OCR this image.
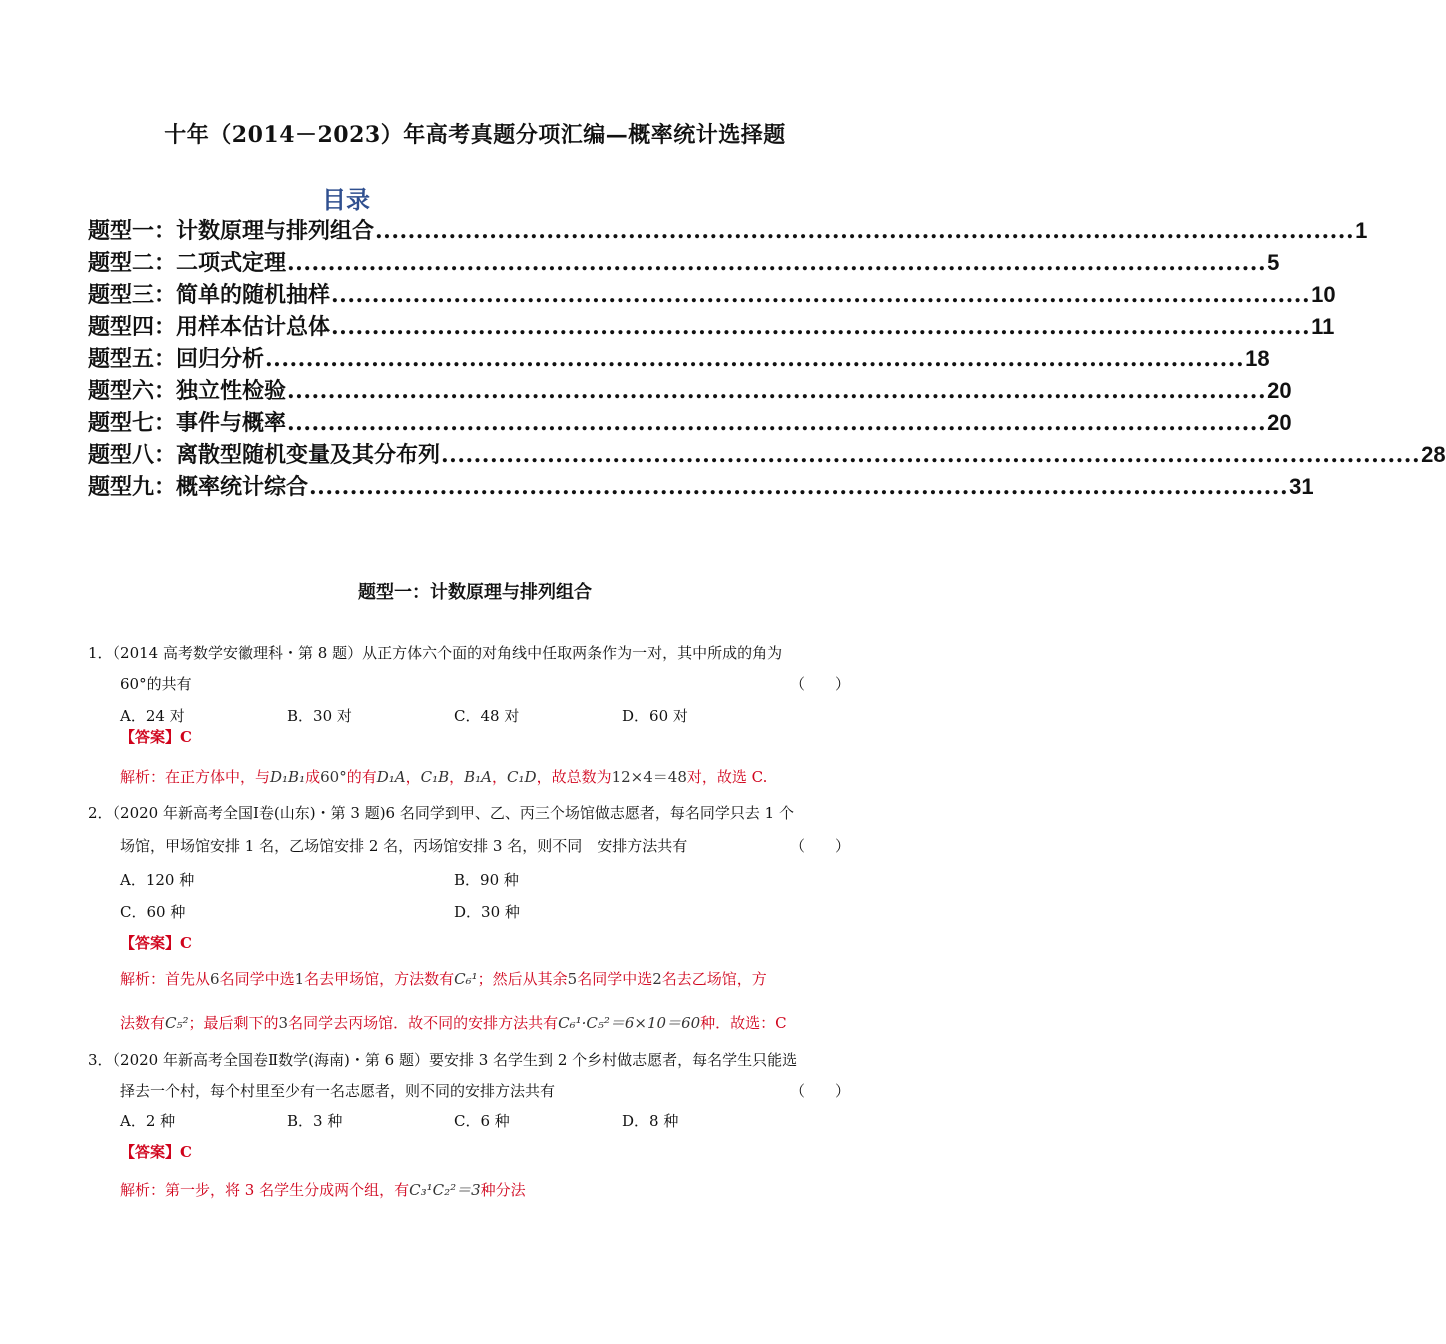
十年（2014－2023）年高考真题分项汇编—概率统计选择题
目录
题型一：计数原理与排列组合 ........................................................................................................................ 1
题型二：二项式定理 ........................................................................................................................ 5
题型三：简单的随机抽样 ........................................................................................................................ 10
题型四：用样本估计总体 ........................................................................................................................ 11
题型五：回归分析 ........................................................................................................................ 18
题型六：独立性检验 ........................................................................................................................ 20
题型七：事件与概率 ........................................................................................................................ 20
题型八：离散型随机变量及其分布列 ........................................................................................................................ 28
题型九：概率统计综合 ........................................................................................................................ 31
题型一：计数原理与排列组合
1．（2014 高考数学安徽理科・第 8 题）从正方体六个面的对角线中任取两条作为一对，其中所成的角为
60°的共有	（　　）
A．24 对	B．30 对	C．48 对	D．60 对
【答案】C
解析：在正方体中，与D₁B₁成60°的有D₁A，C₁B，B₁A，C₁D，故总数为12×4＝48对，故选 C.
2．（2020 年新高考全国Ⅰ卷(山东)・第 3 题)6 名同学到甲、乙、丙三个场馆做志愿者，每名同学只去 1 个
场馆，甲场馆安排 1 名，乙场馆安排 2 名，丙场馆安排 3 名，则不同　安排方法共有	（　　）
A．120 种	B．90 种
C．60 种	D．30 种
【答案】C
解析：首先从6名同学中选1名去甲场馆，方法数有C₆¹；然后从其余5名同学中选2名去乙场馆，方
法数有C₅²；最后剩下的3名同学去丙场馆．故不同的安排方法共有C₆¹·C₅²＝6×10＝60种．故选：C
3．（2020 年新高考全国卷Ⅱ数学(海南)・第 6 题）要安排 3 名学生到 2 个乡村做志愿者，每名学生只能选
择去一个村，每个村里至少有一名志愿者，则不同的安排方法共有	（　　）
A．2 种	B．3 种	C．6 种	D．8 种
【答案】C
解析：第一步，将 3 名学生分成两个组，有C₃¹C₂²＝3种分法
